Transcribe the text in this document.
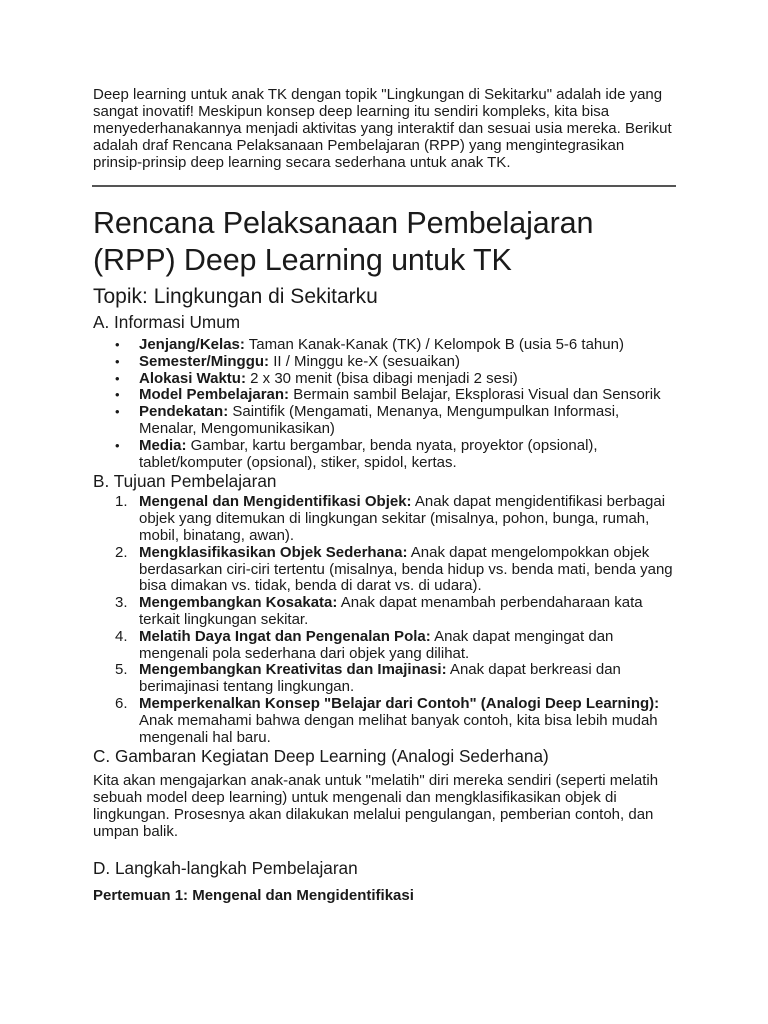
Deep learning untuk anak TK dengan topik "Lingkungan di Sekitarku" adalah ide yang sangat inovatif! Meskipun konsep deep learning itu sendiri kompleks, kita bisa menyederhanakannya menjadi aktivitas yang interaktif dan sesuai usia mereka. Berikut adalah draf Rencana Pelaksanaan Pembelajaran (RPP) yang mengintegrasikan prinsip-prinsip deep learning secara sederhana untuk anak TK.

Rencana Pelaksanaan Pembelajaran (RPP) Deep Learning untuk TK
Topik: Lingkungan di Sekitarku
A. Informasi Umum
• Jenjang/Kelas: Taman Kanak-Kanak (TK) / Kelompok B (usia 5-6 tahun)
• Semester/Minggu: II / Minggu ke-X (sesuaikan)
• Alokasi Waktu: 2 x 30 menit (bisa dibagi menjadi 2 sesi)
• Model Pembelajaran: Bermain sambil Belajar, Eksplorasi Visual dan Sensorik
• Pendekatan: Saintifik (Mengamati, Menanya, Mengumpulkan Informasi, Menalar, Mengomunikasikan)
• Media: Gambar, kartu bergambar, benda nyata, proyektor (opsional), tablet/komputer (opsional), stiker, spidol, kertas.
B. Tujuan Pembelajaran
1. Mengenal dan Mengidentifikasi Objek: Anak dapat mengidentifikasi berbagai objek yang ditemukan di lingkungan sekitar (misalnya, pohon, bunga, rumah, mobil, binatang, awan).
2. Mengklasifikasikan Objek Sederhana: Anak dapat mengelompokkan objek berdasarkan ciri-ciri tertentu (misalnya, benda hidup vs. benda mati, benda yang bisa dimakan vs. tidak, benda di darat vs. di udara).
3. Mengembangkan Kosakata: Anak dapat menambah perbendaharaan kata terkait lingkungan sekitar.
4. Melatih Daya Ingat dan Pengenalan Pola: Anak dapat mengingat dan mengenali pola sederhana dari objek yang dilihat.
5. Mengembangkan Kreativitas dan Imajinasi: Anak dapat berkreasi dan berimajinasi tentang lingkungan.
6. Memperkenalkan Konsep "Belajar dari Contoh" (Analogi Deep Learning): Anak memahami bahwa dengan melihat banyak contoh, kita bisa lebih mudah mengenali hal baru.
C. Gambaran Kegiatan Deep Learning (Analogi Sederhana)

Kita akan mengajarkan anak-anak untuk "melatih" diri mereka sendiri (seperti melatih sebuah model deep learning) untuk mengenali dan mengklasifikasikan objek di lingkungan. Prosesnya akan dilakukan melalui pengulangan, pemberian contoh, dan umpan balik.

D. Langkah-langkah Pembelajaran
Pertemuan 1: Mengenal dan Mengidentifikasi
